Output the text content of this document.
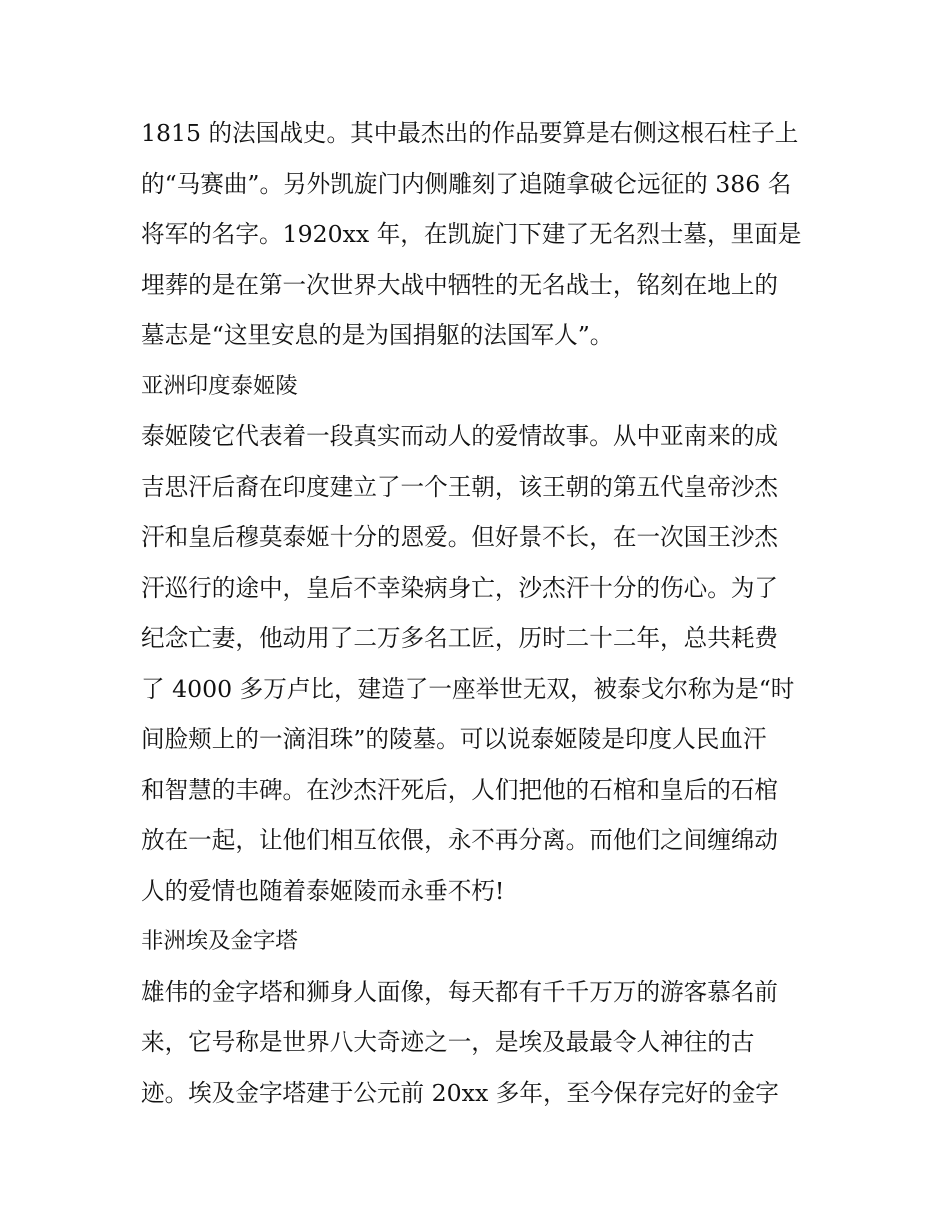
1815 的法国战史。其中最杰出的作品要算是右侧这根石柱子上
的“马赛曲”。另外凯旋门内侧雕刻了追随拿破仑远征的 386 名
将军的名字。1920xx 年，在凯旋门下建了无名烈士墓，里面是
埋葬的是在第一次世界大战中牺牲的无名战士，铭刻在地上的
墓志是“这里安息的是为国捐躯的法国军人”。
亚洲印度泰姬陵
泰姬陵它代表着一段真实而动人的爱情故事。从中亚南来的成
吉思汗后裔在印度建立了一个王朝，该王朝的第五代皇帝沙杰
汗和皇后穆莫泰姬十分的恩爱。但好景不长，在一次国王沙杰
汗巡行的途中，皇后不幸染病身亡，沙杰汗十分的伤心。为了
纪念亡妻，他动用了二万多名工匠，历时二十二年，总共耗费
了 4000 多万卢比，建造了一座举世无双，被泰戈尔称为是“时
间脸颊上的一滴泪珠”的陵墓。可以说泰姬陵是印度人民血汗
和智慧的丰碑。在沙杰汗死后，人们把他的石棺和皇后的石棺
放在一起，让他们相互依偎，永不再分离。而他们之间缠绵动
人的爱情也随着泰姬陵而永垂不朽!
非洲埃及金字塔
雄伟的金字塔和狮身人面像，每天都有千千万万的游客慕名前
来，它号称是世界八大奇迹之一，是埃及最最令人神往的古
迹。埃及金字塔建于公元前 20xx 多年，至今保存完好的金字
